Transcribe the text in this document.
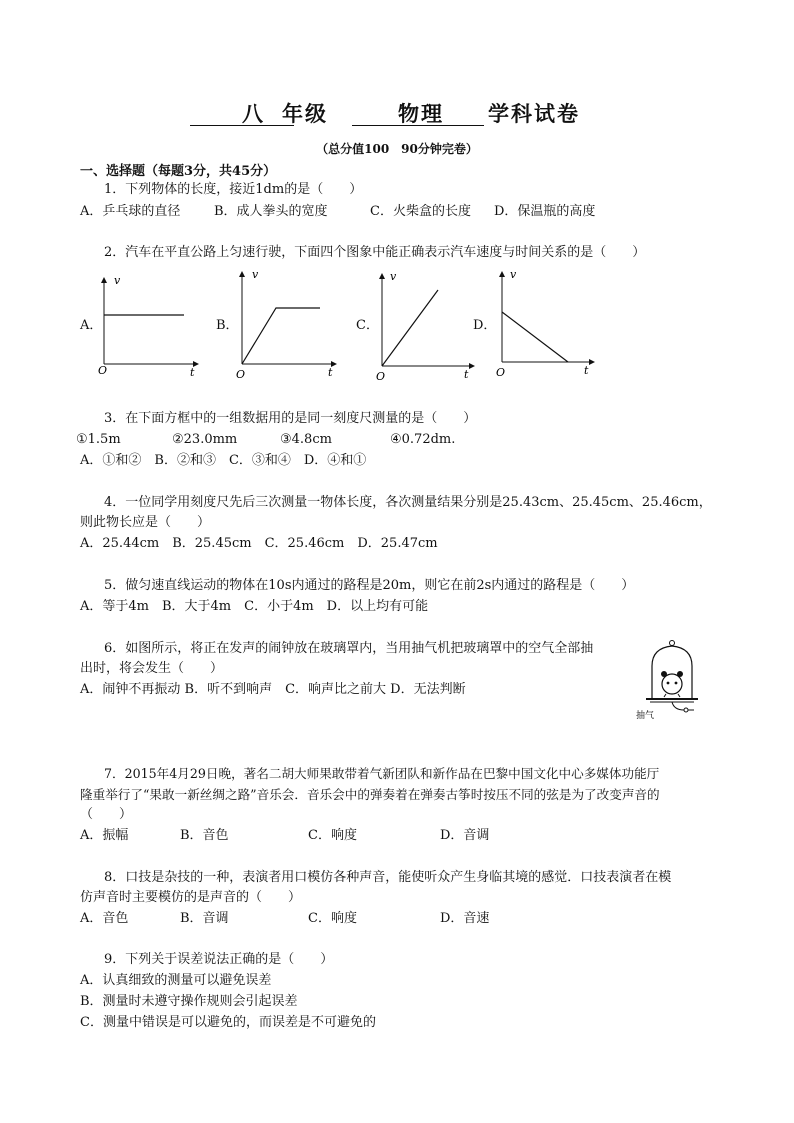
八 年级	物理 学科试卷
（总分值100　90分钟完卷）
一、选择题（每题3分，共45分）
1．下列物体的长度，接近1dm的是（　　）
A．乒乓球的直径	B．成人拳头的宽度	C．火柴盒的长度 D．保温瓶的高度
2．汽车在平直公路上匀速行驶，下面四个图象中能正确表示汽车速度与时间关系的是（　　）
A．	B．	C．	D．
v
t
O
v
t
O
v
t
O
v
t
O
3．在下面方框中的一组数据用的是同一刻度尺测量的是（　　）
①1.5m	②23.0mm	③4.8cm	④0.72dm.
A．①和②　B．②和③　C．③和④　D．④和①
4．一位同学用刻度尺先后三次测量一物体长度，各次测量结果分别是25.43cm、25.45cm、25.46cm，
则此物长应是（　　）
A．25.44cm　B．25.45cm　C．25.46cm　D．25.47cm
5．做匀速直线运动的物体在10s内通过的路程是20m，则它在前2s内通过的路程是（　　）
A．等于4m　B．大于4m　C．小于4m　D．以上均有可能
6．如图所示，将正在发声的闹钟放在玻璃罩内，当用抽气机把玻璃罩中的空气全部抽
出时，将会发生（　　）
A．闹钟不再振动 B．听不到响声　C．响声比之前大 D．无法判断
抽气
7．2015年4月29日晚，著名二胡大师果敢带着气新团队和新作品在巴黎中国文化中心多媒体功能厅
隆重举行了“果敢一新丝绸之路”音乐会．音乐会中的弹奏着在弹奏古筝时按压不同的弦是为了改变声音的
（　　）
A．振幅	B．音色	C．响度	D．音调
8．口技是杂技的一种，表演者用口模仿各种声音，能使听众产生身临其境的感觉．口技表演者在模
仿声音时主要模仿的是声音的（　　）
A．音色	B．音调	C．响度	D．音速
9．下列关于误差说法正确的是（　　）
A．认真细致的测量可以避免误差
B．测量时未遵守操作规则会引起误差
C．测量中错误是可以避免的，而误差是不可避免的
